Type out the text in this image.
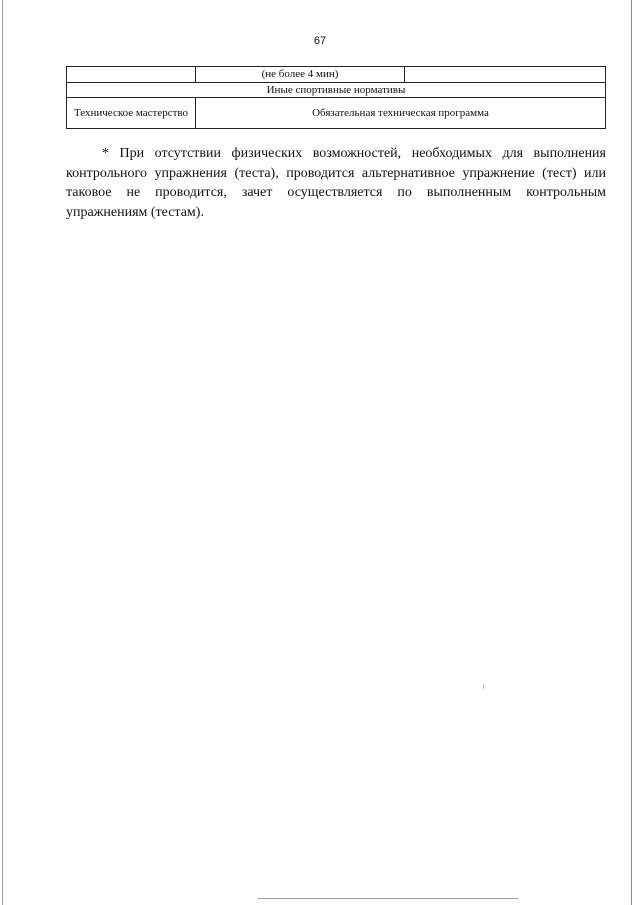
67
	(не более 4 мин)	
Иные спортивные нормативы		
Техническое мастерство	Обязательная техническая программа	

* При отсутствии физических возможностей, необходимых для выполнения контрольного упражнения (теста), проводится альтернативное упражнение (тест) или таковое не проводится, зачет осуществляется по выполненным контрольным упражнениям (тестам).
